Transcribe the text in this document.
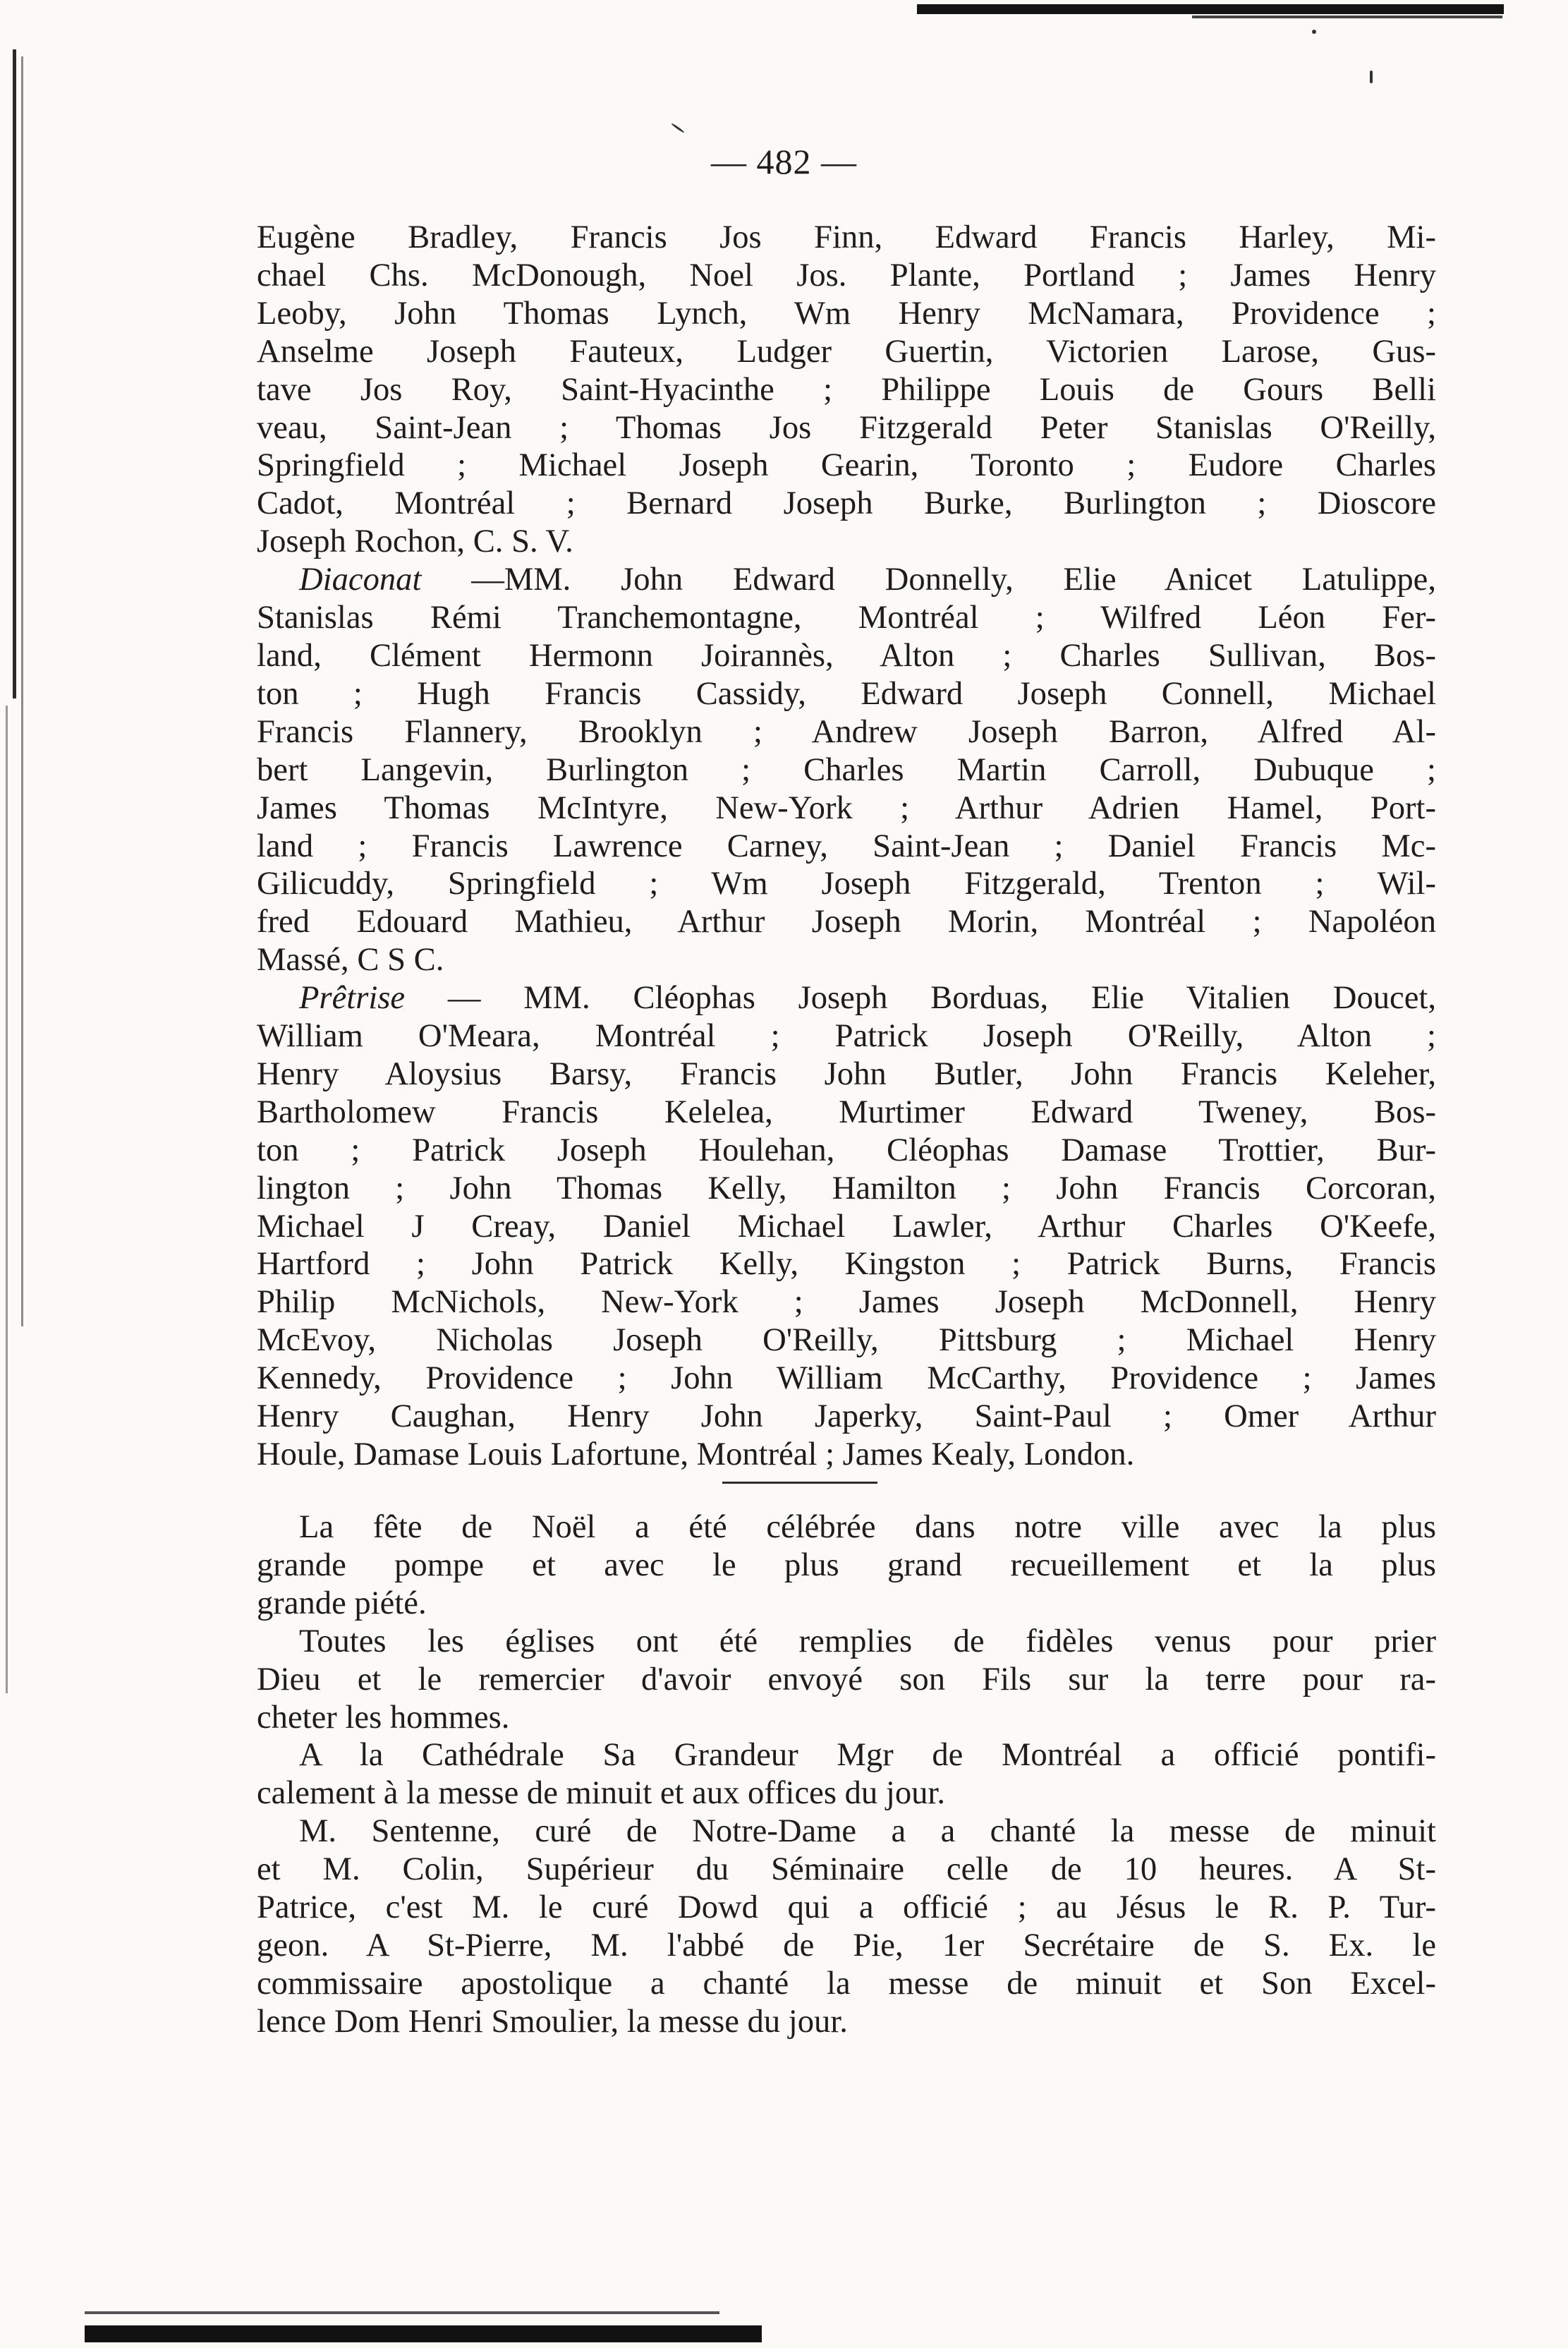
— 482 —
Eugène Bradley, Francis Jos Finn, Edward Francis Harley, Mi-
chael Chs. McDonough, Noel Jos. Plante, Portland ; James Henry
Leoby, John Thomas Lynch, Wm Henry McNamara, Providence ;
Anselme Joseph Fauteux, Ludger Guertin, Victorien Larose, Gus-
tave Jos Roy, Saint-Hyacinthe ; Philippe Louis de Gours Belli
veau, Saint-Jean ; Thomas Jos Fitzgerald Peter Stanislas O'Reilly,
Springfield ; Michael Joseph Gearin, Toronto ; Eudore Charles
Cadot, Montréal ; Bernard Joseph Burke, Burlington ; Dioscore
Joseph Rochon, C. S. V.
Diaconat —MM. John Edward Donnelly, Elie Anicet Latulippe,
Stanislas Rémi Tranchemontagne, Montréal ; Wilfred Léon Fer-
land, Clément Hermonn Joirannès, Alton ; Charles Sullivan, Bos-
ton ; Hugh Francis Cassidy, Edward Joseph Connell, Michael
Francis Flannery, Brooklyn ; Andrew Joseph Barron, Alfred Al-
bert Langevin, Burlington ; Charles Martin Carroll, Dubuque ;
James Thomas McIntyre, New-York ; Arthur Adrien Hamel, Port-
land ; Francis Lawrence Carney, Saint-Jean ; Daniel Francis Mc-
Gilicuddy, Springfield ; Wm Joseph Fitzgerald, Trenton ; Wil-
fred Edouard Mathieu, Arthur Joseph Morin, Montréal ; Napoléon
Massé, C S C.
Prêtrise — MM. Cléophas Joseph Borduas, Elie Vitalien Doucet,
William O'Meara, Montréal ; Patrick Joseph O'Reilly, Alton ;
Henry Aloysius Barsy, Francis John Butler, John Francis Keleher,
Bartholomew Francis Kelelea, Murtimer Edward Tweney, Bos-
ton ; Patrick Joseph Houlehan, Cléophas Damase Trottier, Bur-
lington ; John Thomas Kelly, Hamilton ; John Francis Corcoran,
Michael J Creay, Daniel Michael Lawler, Arthur Charles O'Keefe,
Hartford ; John Patrick Kelly, Kingston ; Patrick Burns, Francis
Philip McNichols, New-York ; James Joseph McDonnell, Henry
McEvoy, Nicholas Joseph O'Reilly, Pittsburg ; Michael Henry
Kennedy, Providence ; John William McCarthy, Providence ; James
Henry Caughan, Henry John Japerky, Saint-Paul ; Omer Arthur
Houle, Damase Louis Lafortune, Montréal ; James Kealy, London.
La fête de Noël a été célébrée dans notre ville avec la plus
grande pompe et avec le plus grand recueillement et la plus
grande piété.
Toutes les églises ont été remplies de fidèles venus pour prier
Dieu et le remercier d'avoir envoyé son Fils sur la terre pour ra-
cheter les hommes.
A la Cathédrale Sa Grandeur Mgr de Montréal a officié pontifi-
calement à la messe de minuit et aux offices du jour.
M. Sentenne, curé de Notre-Dame a a chanté la messe de minuit
et M. Colin, Supérieur du Séminaire celle de 10 heures. A St-
Patrice, c'est M. le curé Dowd qui a officié ; au Jésus le R. P. Tur-
geon. A St-Pierre, M. l'abbé de Pie, 1er Secrétaire de S. Ex. le
commissaire apostolique a chanté la messe de minuit et Son Excel-
lence Dom Henri Smoulier, la messe du jour.
